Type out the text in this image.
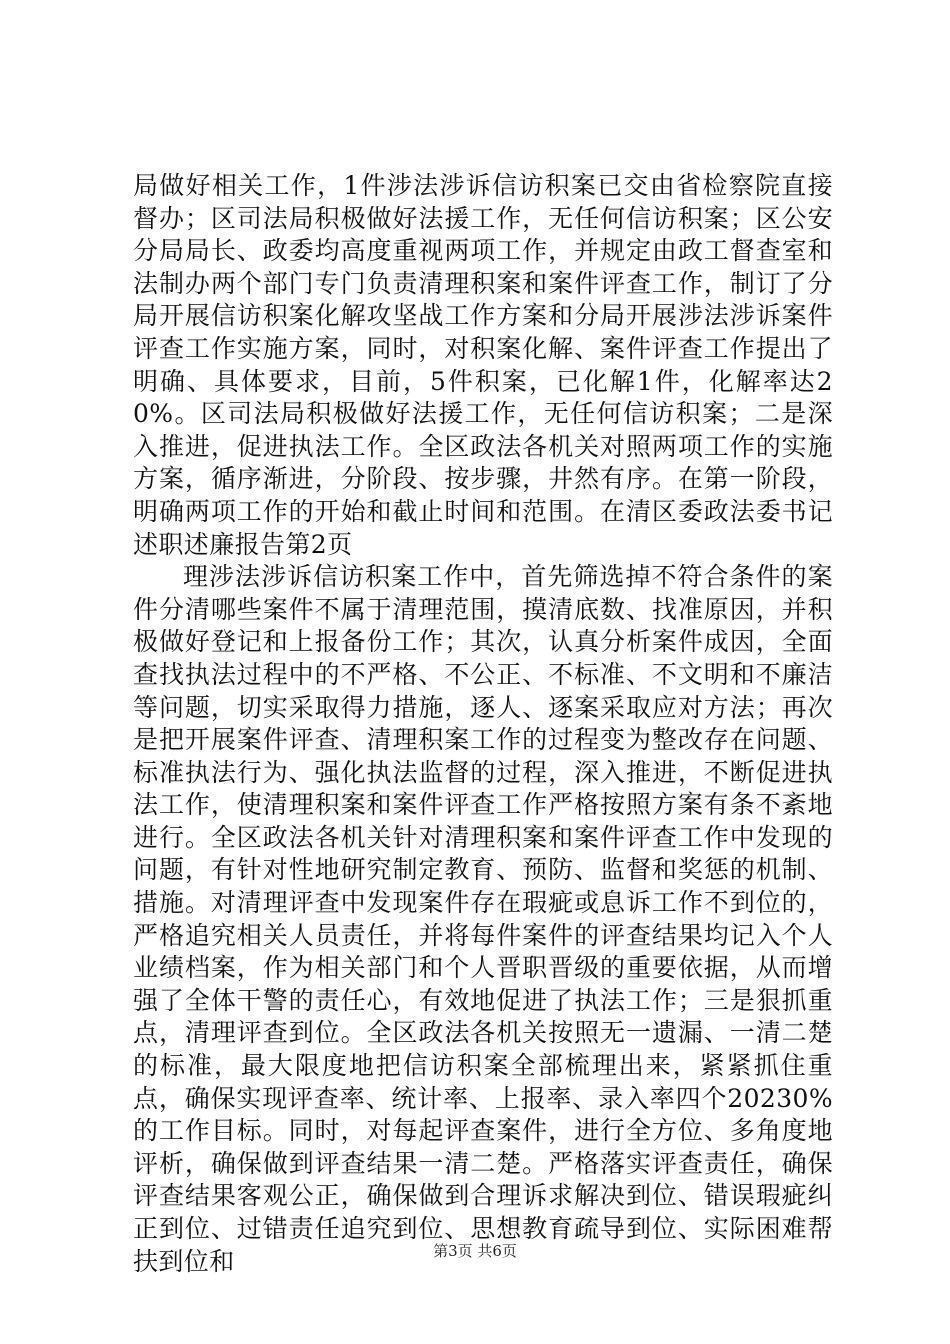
局做好相关工作，1件涉法涉诉信访积案已交由省检察院直接督办；区司法局积极做好法援工作，无任何信访积案；区公安分局局长、政委均高度重视两项工作，并规定由政工督查室和法制办两个部门专门负责清理积案和案件评查工作，制订了分局开展信访积案化解攻坚战工作方案和分局开展涉法涉诉案件评查工作实施方案，同时，对积案化解、案件评查工作提出了明确、具体要求，目前，5件积案，已化解1件，化解率达20%。区司法局积极做好法援工作，无任何信访积案；二是深入推进，促进执法工作。全区政法各机关对照两项工作的实施方案，循序渐进，分阶段、按步骤，井然有序。在第一阶段，明确两项工作的开始和截止时间和范围。在清区委政法委书记述职述廉报告第2页

理涉法涉诉信访积案工作中，首先筛选掉不符合条件的案件分清哪些案件不属于清理范围，摸清底数、找准原因，并积极做好登记和上报备份工作；其次，认真分析案件成因，全面查找执法过程中的不严格、不公正、不标准、不文明和不廉洁等问题，切实采取得力措施，逐人、逐案采取应对方法；再次是把开展案件评查、清理积案工作的过程变为整改存在问题、标准执法行为、强化执法监督的过程，深入推进，不断促进执法工作，使清理积案和案件评查工作严格按照方案有条不紊地进行。全区政法各机关针对清理积案和案件评查工作中发现的问题，有针对性地研究制定教育、预防、监督和奖惩的机制、措施。对清理评查中发现案件存在瑕疵或息诉工作不到位的，严格追究相关人员责任，并将每件案件的评查结果均记入个人业绩档案，作为相关部门和个人晋职晋级的重要依据，从而增强了全体干警的责任心，有效地促进了执法工作；三是狠抓重点，清理评查到位。全区政法各机关按照无一遗漏、一清二楚的标准，最大限度地把信访积案全部梳理出来，紧紧抓住重点，确保实现评查率、统计率、上报率、录入率四个20230%的工作目标。同时，对每起评查案件，进行全方位、多角度地评析，确保做到评查结果一清二楚。严格落实评查责任，确保评查结果客观公正，确保做到合理诉求解决到位、错误瑕疵纠正到位、过错责任追究到位、思想教育疏导到位、实际困难帮扶到位和	第3页 共6页
